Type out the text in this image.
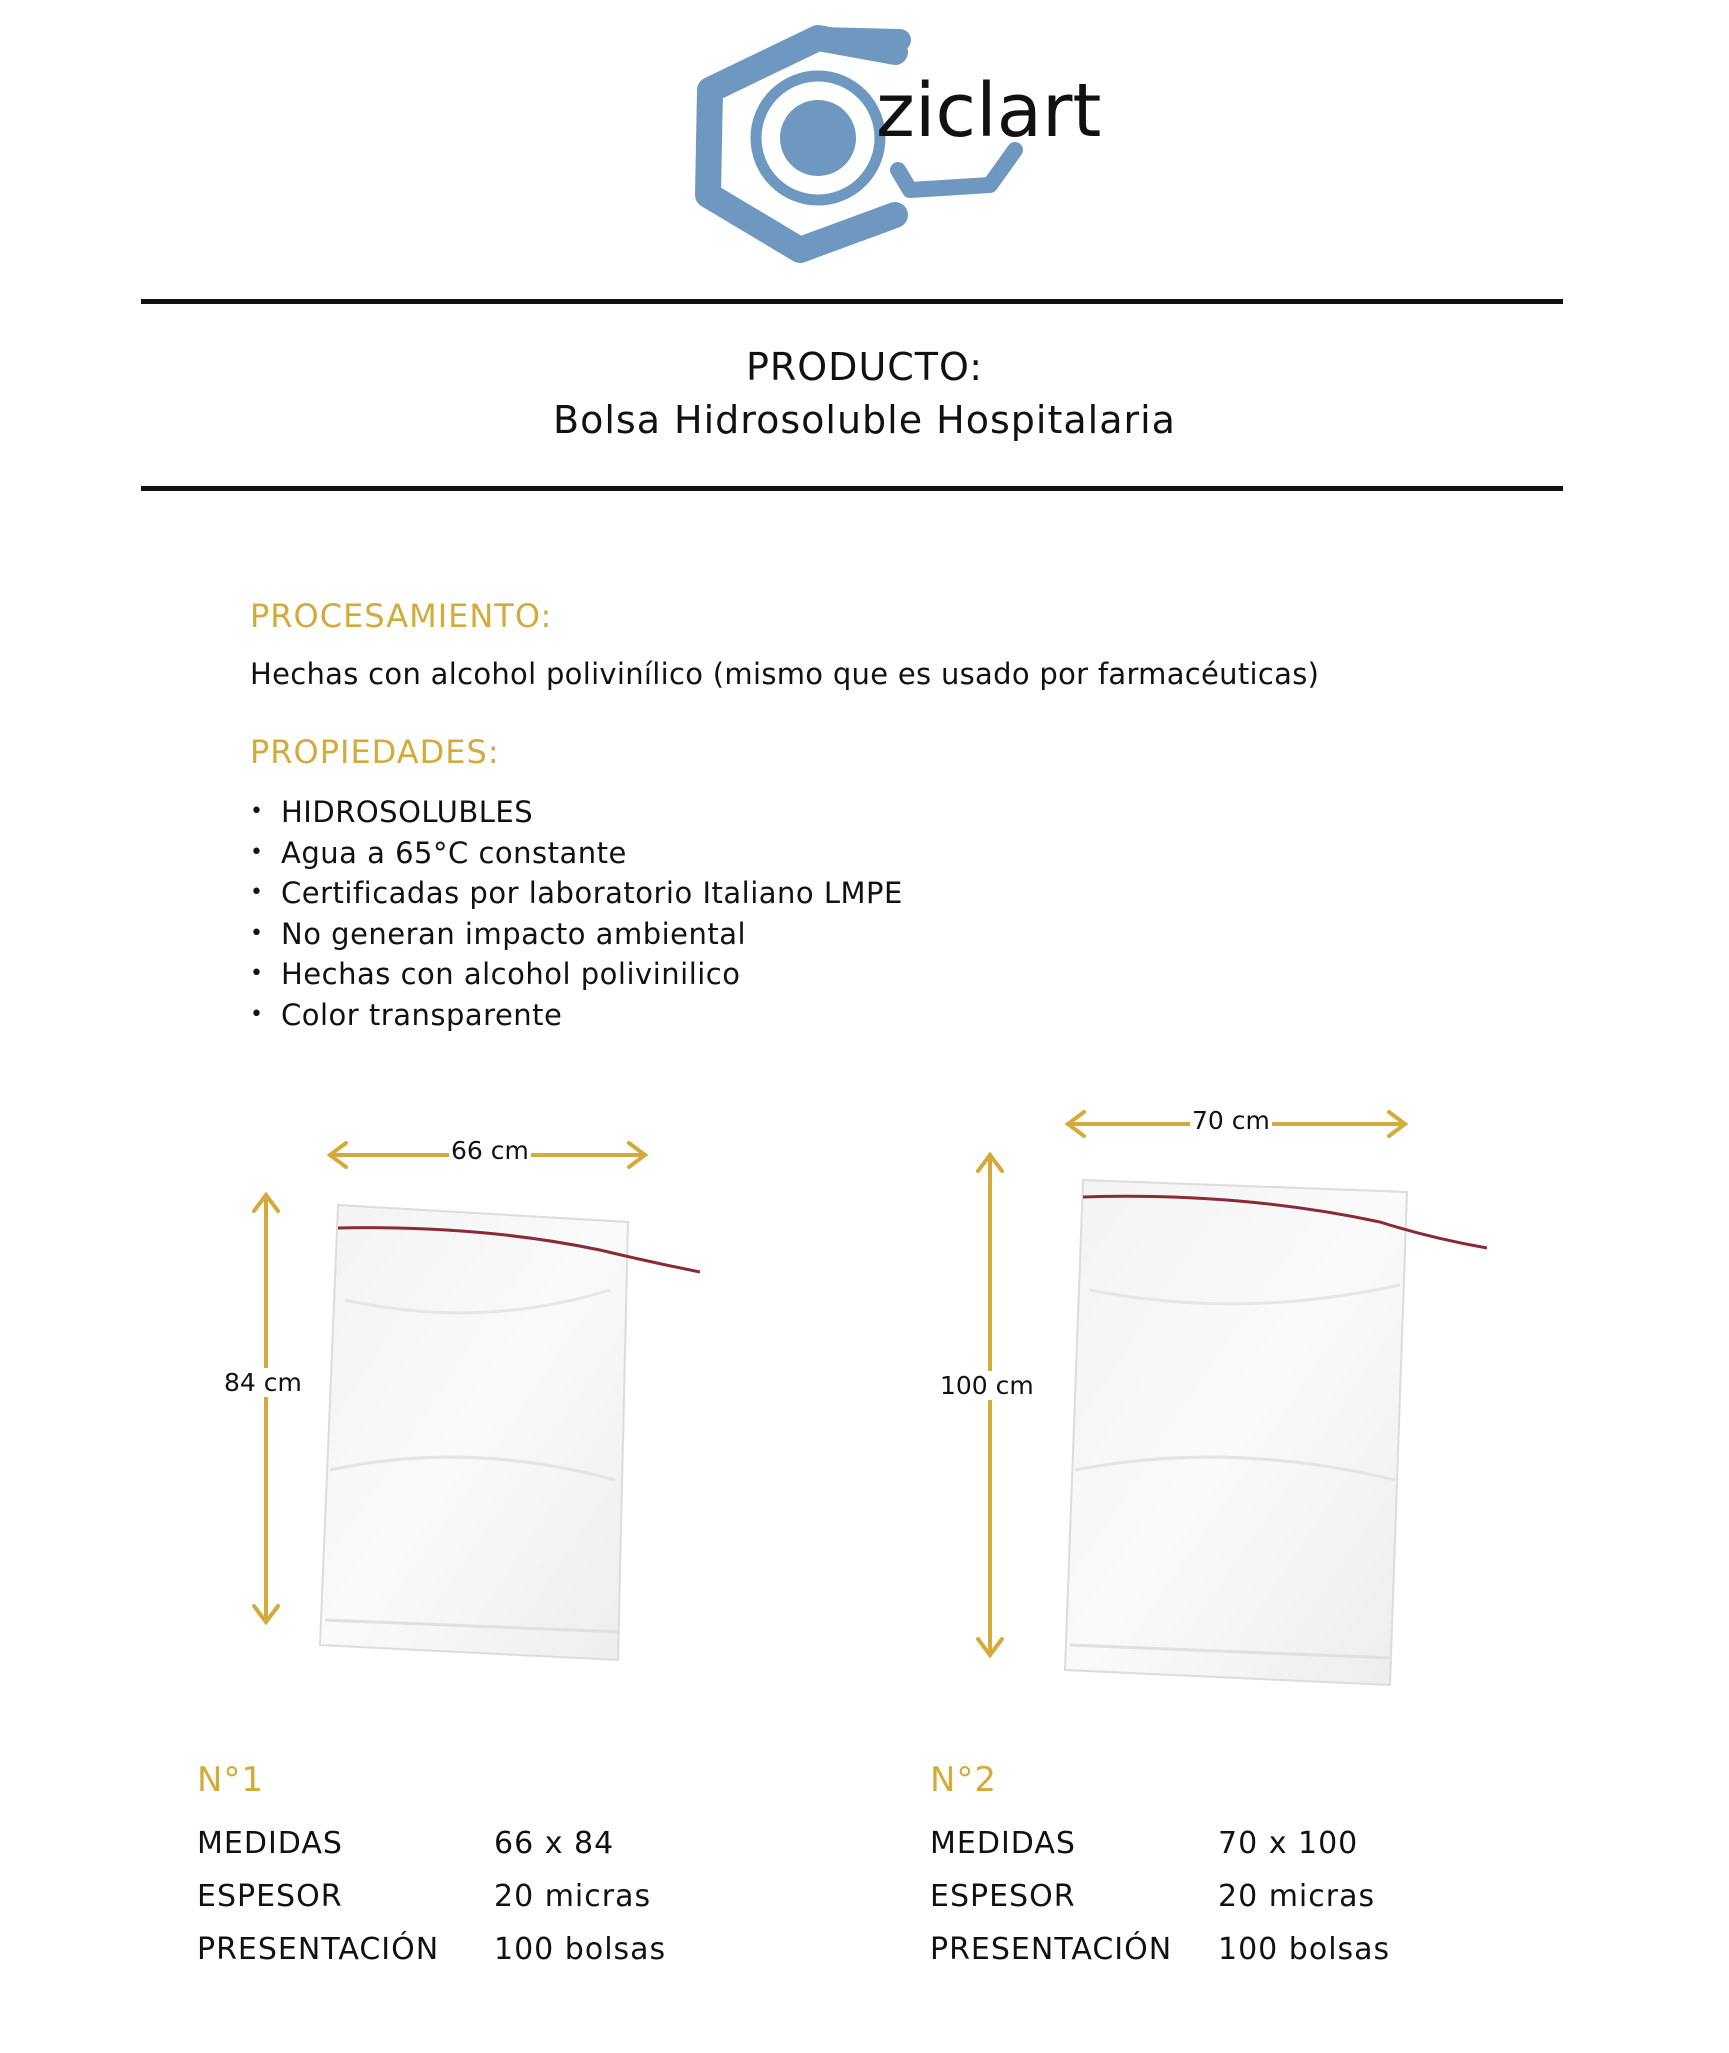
ziclart
PRODUCTO:
Bolsa Hidrosoluble Hospitalaria
PROCESAMIENTO:
Hechas con alcohol polivinílico (mismo que es usado por farmacéuticas)
PROPIEDADES:
• HIDROSOLUBLES
• Agua a 65°C constante
• Certificadas por laboratorio Italiano LMPE
• No generan impacto ambiental
• Hechas con alcohol polivinilico
• Color transparente
66 cm
84 cm
70 cm
100 cm
N°1
MEDIDAS	66 x 84
ESPESOR	20 micras
PRESENTACIÓN 100 bolsas
N°2
MEDIDAS	70 x 100
ESPESOR	20 micras
PRESENTACIÓN 100 bolsas
